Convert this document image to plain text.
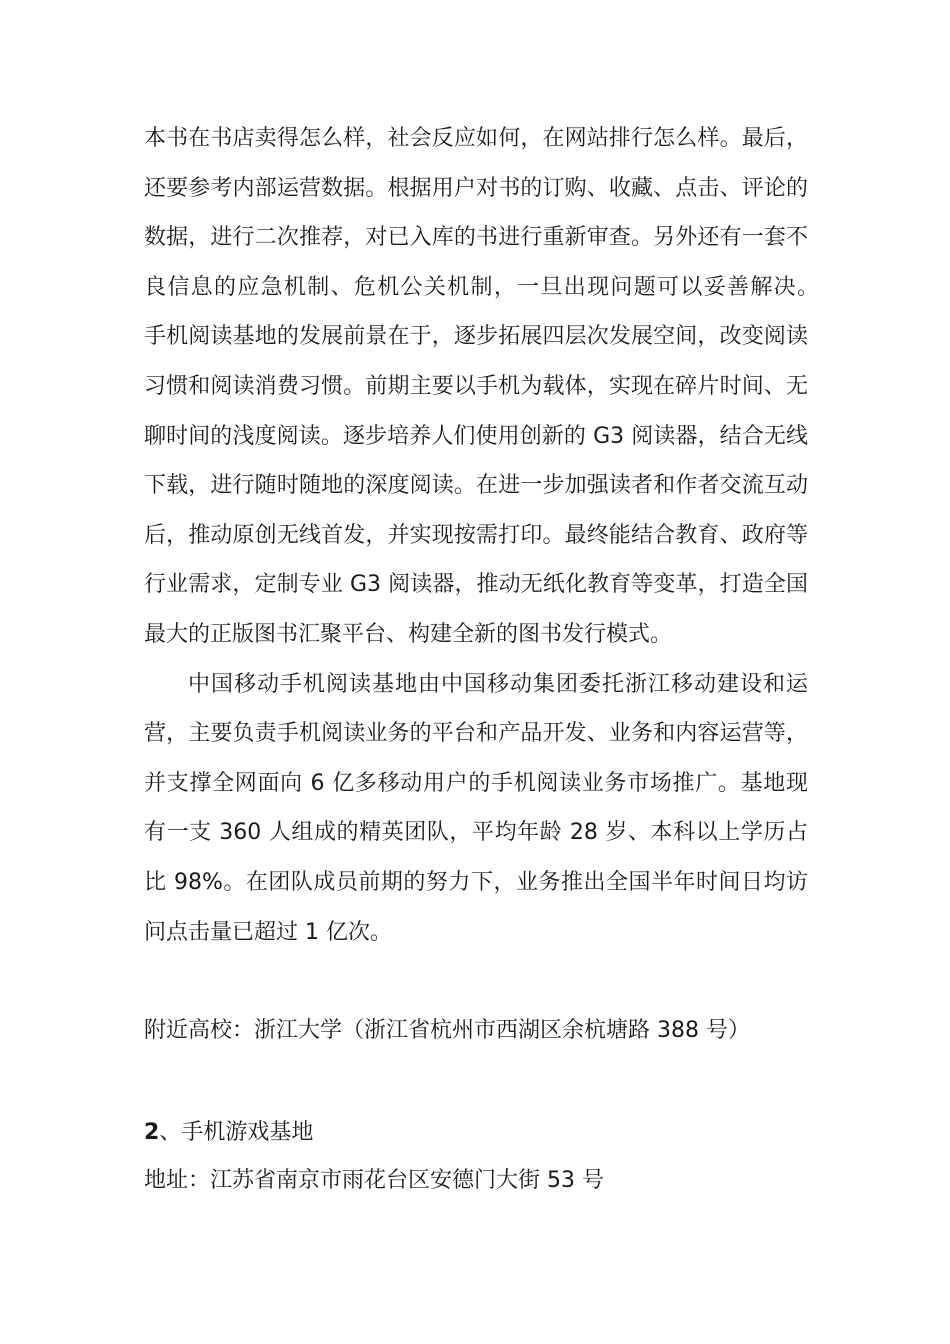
本书在书店卖得怎么样，社会反应如何，在网站排行怎么样。最后，还要参考内部运营数据。根据用户对书的订购、收藏、点击、评论的数据，进行二次推荐，对已入库的书进行重新审查。另外还有一套不良信息的应急机制、危机公关机制，一旦出现问题可以妥善解决。　手机阅读基地的发展前景在于，逐步拓展四层次发展空间，改变阅读习惯和阅读消费习惯。前期主要以手机为载体，实现在碎片时间、无聊时间的浅度阅读。逐步培养人们使用创新的 G3 阅读器，结合无线下载，进行随时随地的深度阅读。在进一步加强读者和作者交流互动后，推动原创无线首发，并实现按需打印。最终能结合教育、政府等行业需求，定制专业 G3 阅读器，推动无纸化教育等变革，打造全国最大的正版图书汇聚平台、构建全新的图书发行模式。

中国移动手机阅读基地由中国移动集团委托浙江移动建设和运营，主要负责手机阅读业务的平台和产品开发、业务和内容运营等，并支撑全网面向 6 亿多移动用户的手机阅读业务市场推广。基地现有一支 360 人组成的精英团队，平均年龄 28 岁、本科以上学历占比 98%。在团队成员前期的努力下，业务推出全国半年时间日均访问点击量已超过 1 亿次。

附近高校：浙江大学（浙江省杭州市西湖区余杭塘路 388 号）

2、手机游戏基地

地址：江苏省南京市雨花台区安德门大街 53 号
